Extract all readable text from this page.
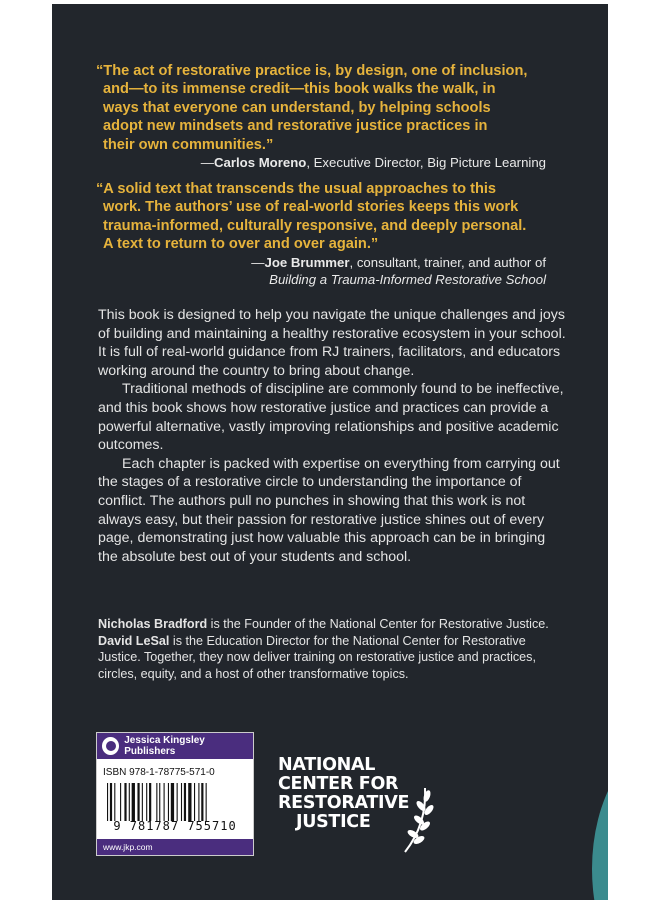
“The act of restorative practice is, by design, one of inclusion,
and—to its immense credit—this book walks the walk, in
ways that everyone can understand, by helping schools
adopt new mindsets and restorative justice practices in
their own communities.”
—Carlos Moreno, Executive Director, Big Picture Learning
“A solid text that transcends the usual approaches to this
work. The authors’ use of real-world stories keeps this work
trauma-informed, culturally responsive, and deeply personal.
A text to return to over and over again.”
—Joe Brummer, consultant, trainer, and author of
Building a Trauma-Informed Restorative School

This book is designed to help you navigate the unique challenges and joys of building and maintaining a healthy restorative ecosystem in your school. It is full of real-world guidance from RJ trainers, facilitators, and educators working around the country to bring about change.

Traditional methods of discipline are commonly found to be ineffective, and this book shows how restorative justice and practices can provide a powerful alternative, vastly improving relationships and positive academic outcomes.

Each chapter is packed with expertise on everything from carrying out the stages of a restorative circle to understanding the importance of conflict. The authors pull no punches in showing that this work is not always easy, but their passion for restorative justice shines out of every page, demonstrating just how valuable this approach can be in bringing the absolute best out of your students and school.

Nicholas Bradford is the Founder of the National Center for Restorative Justice. David LeSal is the Education Director for the National Center for Restorative Justice. Together, they now deliver training on restorative justice and practices, circles, equity, and a host of other transformative topics.
Jessica Kingsley Publishers
ISBN 978-1-78775-571-0
9 781787 755710
www.jkp.com
NATIONAL
CENTER FOR
RESTORATIVE
JUSTICE
